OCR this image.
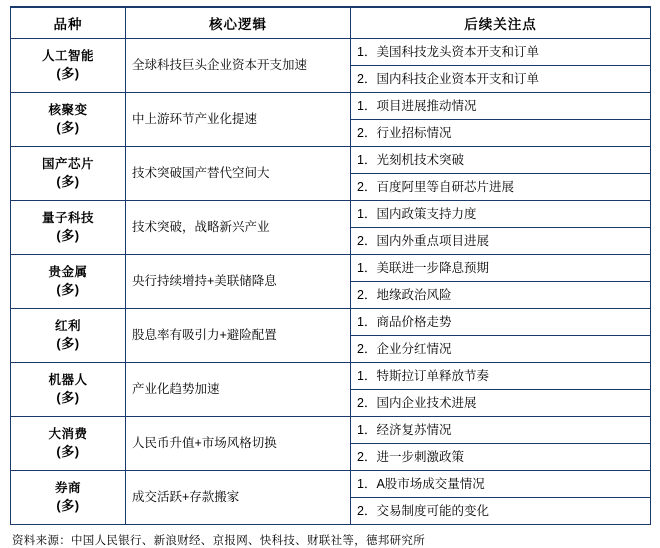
品种	核心逻辑	后续关注点
人工智能
(多)	全球科技巨头企业资本开支加速	1．美国科技龙头资本开支和订单
		2．国内科技企业资本开支和订单
核聚变
(多)	中上游环节产业化提速	1．项目进展推动情况
		2．行业招标情况
国产芯片
(多)	技术突破国产替代空间大	1．光刻机技术突破
		2．百度阿里等自研芯片进展
量子科技
(多)	技术突破，战略新兴产业	1．国内政策支持力度
		2．国内外重点项目进展
贵金属
(多)	央行持续增持+美联储降息	1．美联进一步降息预期
		2．地缘政治风险
红利
(多)	股息率有吸引力+避险配置	1．商品价格走势
		2．企业分红情况
机器人
(多)	产业化趋势加速	1．特斯拉订单释放节奏
		2．国内企业技术进展
大消费
(多)	人民币升值+市场风格切换	1．经济复苏情况
		2．进一步刺激政策
券商
(多)	成交活跃+存款搬家	1．A股市场成交量情况
		2．交易制度可能的变化
资料来源：中国人民银行、新浪财经、京报网、快科技、财联社等，德邦研究所
